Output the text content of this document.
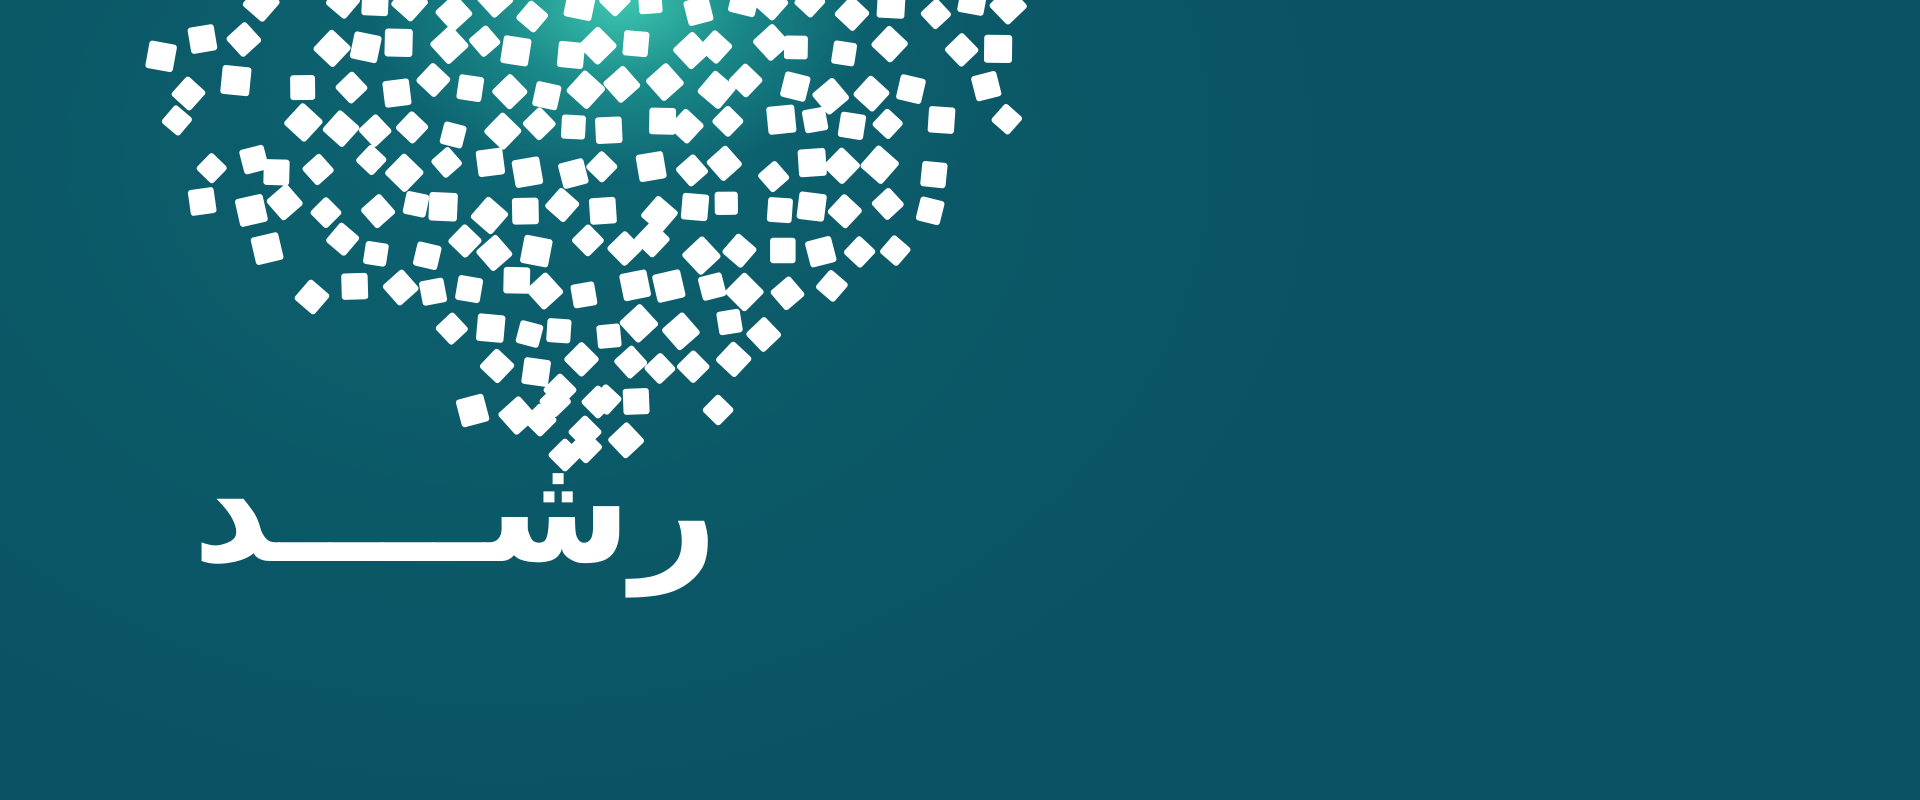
رشــــد
